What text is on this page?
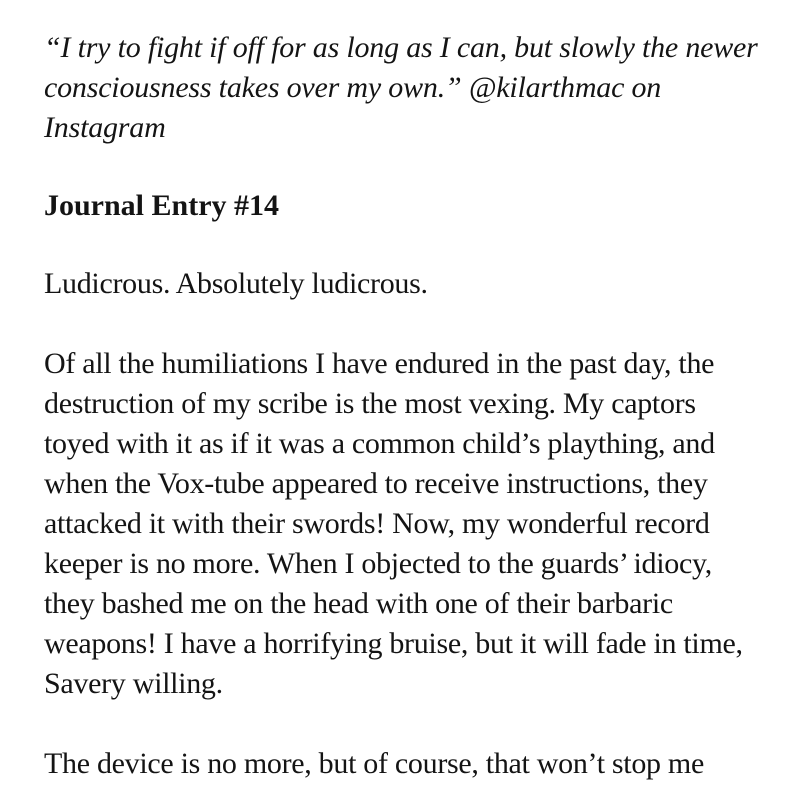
“I try to fight if off for as long as I can, but slowly the newer consciousness takes over my own.” @kilarthmac on Instagram

Journal Entry #14

Ludicrous. Absolutely ludicrous.

Of all the humiliations I have endured in the past day, the destruction of my scribe is the most vexing. My captors toyed with it as if it was a common child’s plaything, and when the Vox-tube appeared to receive instructions, they attacked it with their swords! Now, my wonderful record keeper is no more. When I objected to the guards’ idiocy, they bashed me on the head with one of their barbaric weapons! I have a horrifying bruise, but it will fade in time, Savery willing.

The device is no more, but of course, that won’t stop me
